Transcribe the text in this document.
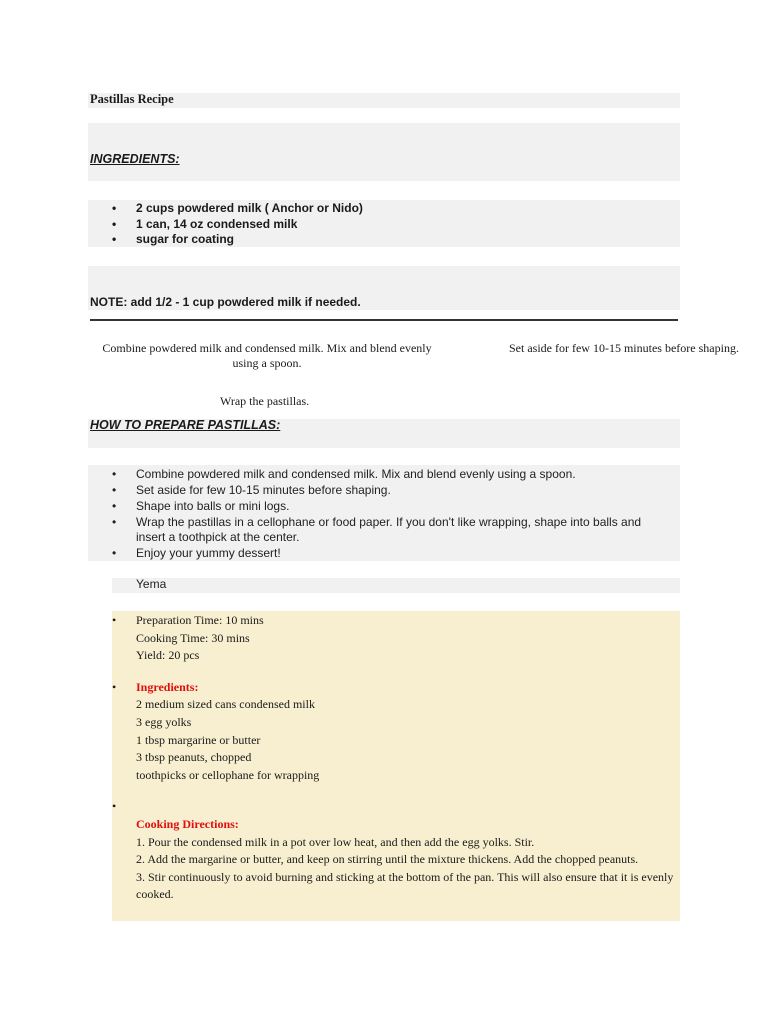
Pastillas Recipe
INGREDIENTS:
• 2 cups powdered milk ( Anchor or Nido)
• 1 can, 14 oz condensed milk
• sugar for coating
NOTE: add 1/2 - 1 cup powdered milk if needed.
Combine powdered milk and condensed milk. Mix and blend evenly
using a spoon.
Set aside for few 10-15 minutes before shaping.
Wrap the pastillas.
HOW TO PREPARE PASTILLAS:
• Combine powdered milk and condensed milk. Mix and blend evenly using a spoon.
• Set aside for few 10-15 minutes before shaping.
• Shape into balls or mini logs.
• Wrap the pastillas in a cellophane or food paper. If you don't like wrapping, shape into balls and insert a toothpick at the center.
• Enjoy your yummy dessert!
Yema
• Preparation Time: 10 mins
Cooking Time: 30 mins
Yield: 20 pcs
• Ingredients:
2 medium sized cans condensed milk
3 egg yolks
1 tbsp margarine or butter
3 tbsp peanuts, chopped
toothpicks or cellophane for wrapping
• Cooking Directions:
1. Pour the condensed milk in a pot over low heat, and then add the egg yolks. Stir.
2. Add the margarine or butter, and keep on stirring until the mixture thickens. Add the chopped peanuts.
3. Stir continuously to avoid burning and sticking at the bottom of the pan. This will also ensure that it is evenly cooked.
